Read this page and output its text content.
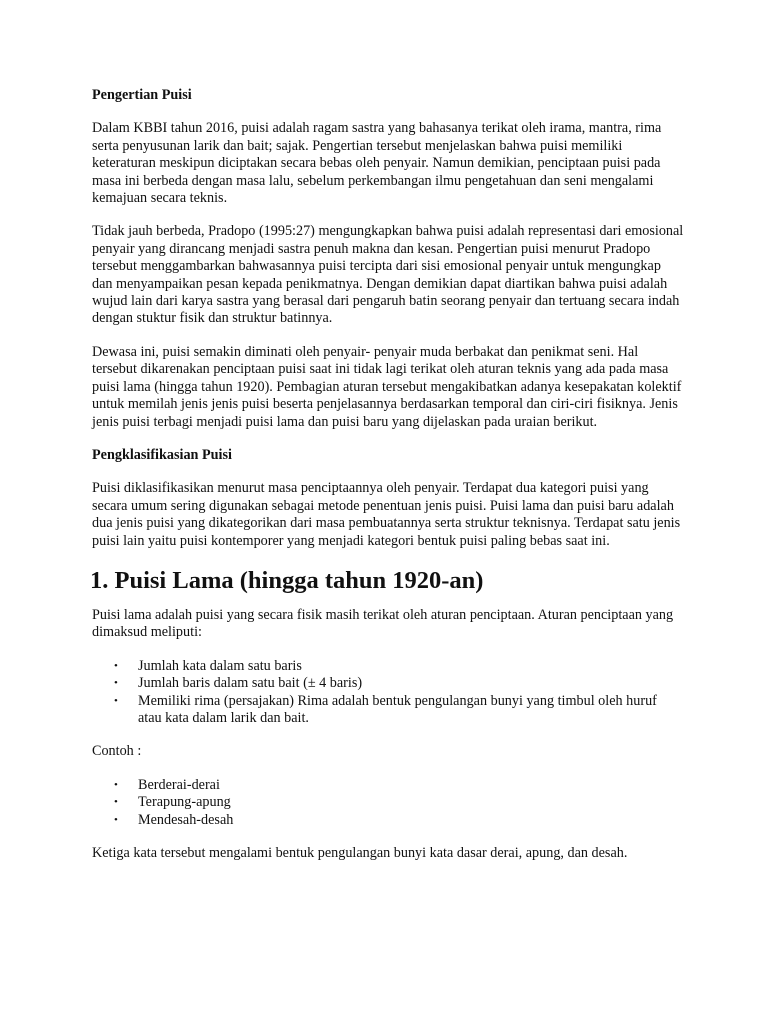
Pengertian Puisi

Dalam KBBI tahun 2016, puisi adalah ragam sastra yang bahasanya terikat oleh irama, mantra, rima serta penyusunan larik dan bait; sajak. Pengertian tersebut menjelaskan bahwa puisi memiliki keteraturan meskipun diciptakan secara bebas oleh penyair. Namun demikian, penciptaan puisi pada masa ini berbeda dengan masa lalu, sebelum perkembangan ilmu pengetahuan dan seni mengalami kemajuan secara teknis.

Tidak jauh berbeda, Pradopo (1995:27) mengungkapkan bahwa puisi adalah representasi dari emosional penyair yang dirancang menjadi sastra penuh makna dan kesan. Pengertian puisi menurut Pradopo tersebut menggambarkan bahwasannya puisi tercipta dari sisi emosional penyair untuk mengungkap dan menyampaikan pesan kepada penikmatnya. Dengan demikian dapat diartikan bahwa puisi adalah wujud lain dari karya sastra yang berasal dari pengaruh batin seorang penyair dan tertuang secara indah dengan stuktur fisik dan struktur batinnya.

Dewasa ini, puisi semakin diminati oleh penyair- penyair muda berbakat dan penikmat seni. Hal tersebut dikarenakan penciptaan puisi saat ini tidak lagi terikat oleh aturan teknis yang ada pada masa puisi lama (hingga tahun 1920). Pembagian aturan tersebut mengakibatkan adanya kesepakatan kolektif untuk memilah jenis jenis puisi beserta penjelasannya berdasarkan temporal dan ciri-ciri fisiknya. Jenis jenis puisi terbagi menjadi puisi lama dan puisi baru yang dijelaskan pada uraian berikut.

Pengklasifikasian Puisi

Puisi diklasifikasikan menurut masa penciptaannya oleh penyair. Terdapat dua kategori puisi yang secara umum sering digunakan sebagai metode penentuan jenis puisi. Puisi lama dan puisi baru adalah dua jenis puisi yang dikategorikan dari masa pembuatannya serta struktur teknisnya. Terdapat satu jenis puisi lain yaitu puisi kontemporer yang menjadi kategori bentuk puisi paling bebas saat ini.

1. Puisi Lama (hingga tahun 1920-an)

Puisi lama adalah puisi yang secara fisik masih terikat oleh aturan penciptaan. Aturan penciptaan yang dimaksud meliputi:

• Jumlah kata dalam satu baris
• Jumlah baris dalam satu bait (± 4 baris)
• Memiliki rima (persajakan) Rima adalah bentuk pengulangan bunyi yang timbul oleh huruf atau kata dalam larik dan bait.

Contoh :

• Berderai-derai
• Terapung-apung
• Mendesah-desah

Ketiga kata tersebut mengalami bentuk pengulangan bunyi kata dasar derai, apung, dan desah.
